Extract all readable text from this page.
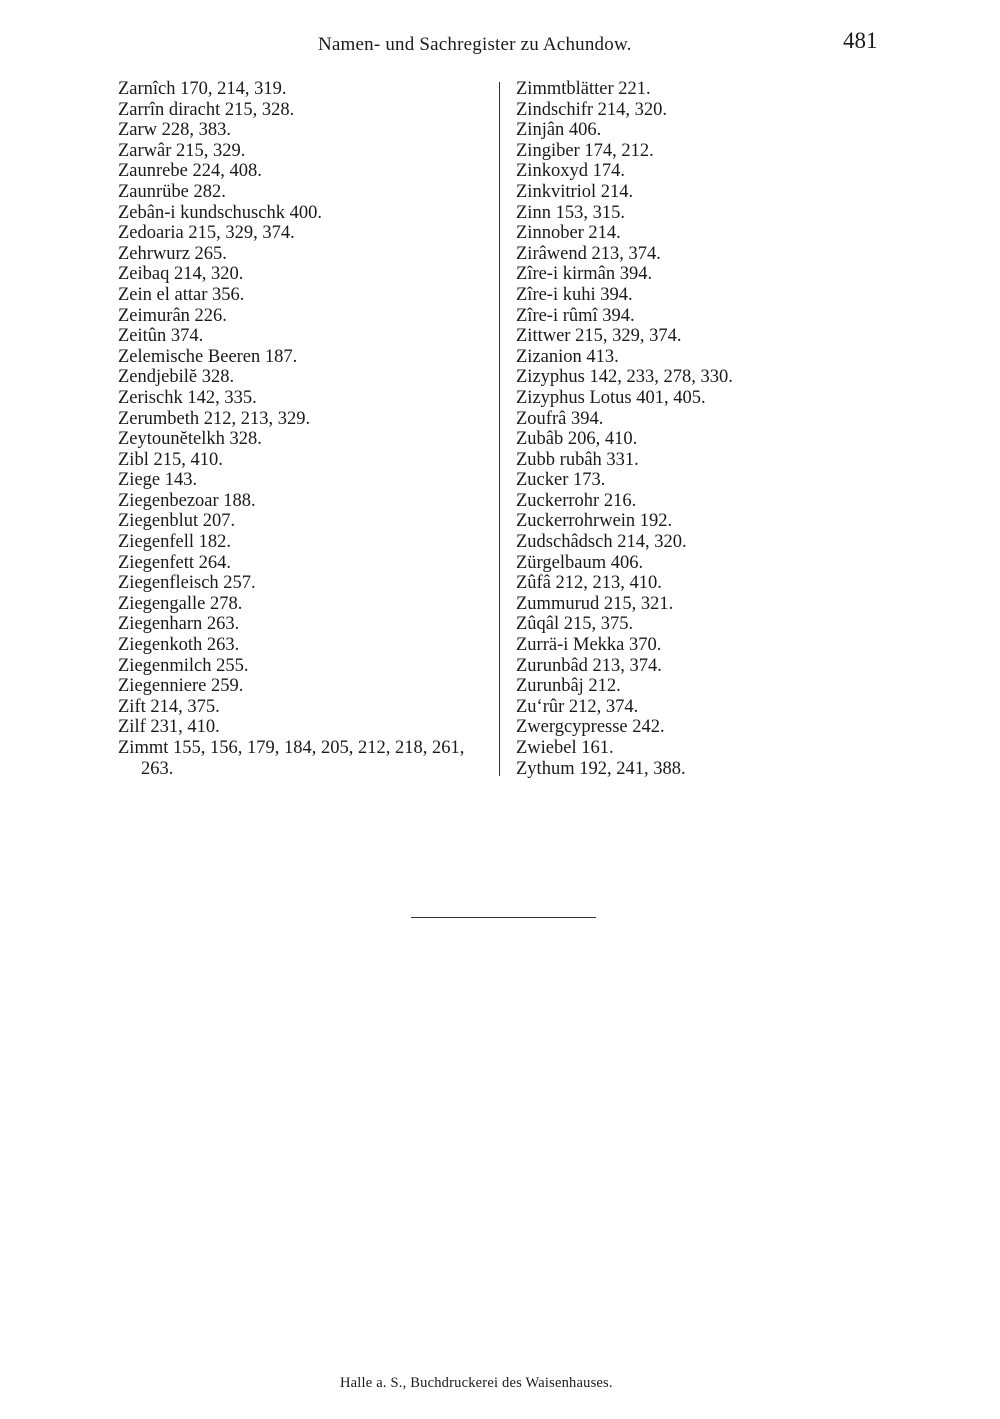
Namen- und Sachregister zu Achundow.	481
Zarnîch 170, 214, 319.
Zarrîn diracht 215, 328.
Zarw 228, 383.
Zarwâr 215, 329.
Zaunrebe 224, 408.
Zaunrübe 282.
Zebân-i kundschuschk 400.
Zedoaria 215, 329, 374.
Zehrwurz 265.
Zeibaq 214, 320.
Zein el attar 356.
Zeimurân 226.
Zeitûn 374.
Zelemische Beeren 187.
Zendjebilĕ 328.
Zerischk 142, 335.
Zerumbeth 212, 213, 329.
Zeytounĕtelkh 328.
Zibl 215, 410.
Ziege 143.
Ziegenbezoar 188.
Ziegenblut 207.
Ziegenfell 182.
Ziegenfett 264.
Ziegenfleisch 257.
Ziegengalle 278.
Ziegenharn 263.
Ziegenkoth 263.
Ziegenmilch 255.
Ziegenniere 259.
Zift 214, 375.
Zilf 231, 410.
Zimmt 155, 156, 179, 184, 205, 212, 218, 261, 263.
Zimmtblätter 221.
Zindschifr 214, 320.
Zinjân 406.
Zingiber 174, 212.
Zinkoxyd 174.
Zinkvitriol 214.
Zinn 153, 315.
Zinnober 214.
Zirâwend 213, 374.
Zîre-i kirmân 394.
Zîre-i kuhi 394.
Zîre-i rûmî 394.
Zittwer 215, 329, 374.
Zizanion 413.
Zizyphus 142, 233, 278, 330.
Zizyphus Lotus 401, 405.
Zoufrâ 394.
Zubâb 206, 410.
Zubb rubâh 331.
Zucker 173.
Zuckerrohr 216.
Zuckerrohrwein 192.
Zudschâdsch 214, 320.
Zürgelbaum 406.
Zûfâ 212, 213, 410.
Zummurud 215, 321.
Zûqâl 215, 375.
Zurrä-i Mekka 370.
Zurunbâd 213, 374.
Zurunbâj 212.
Zu‘rûr 212, 374.
Zwergcypresse 242.
Zwiebel 161.
Zythum 192, 241, 388.
Halle a. S., Buchdruckerei des Waisenhauses.
